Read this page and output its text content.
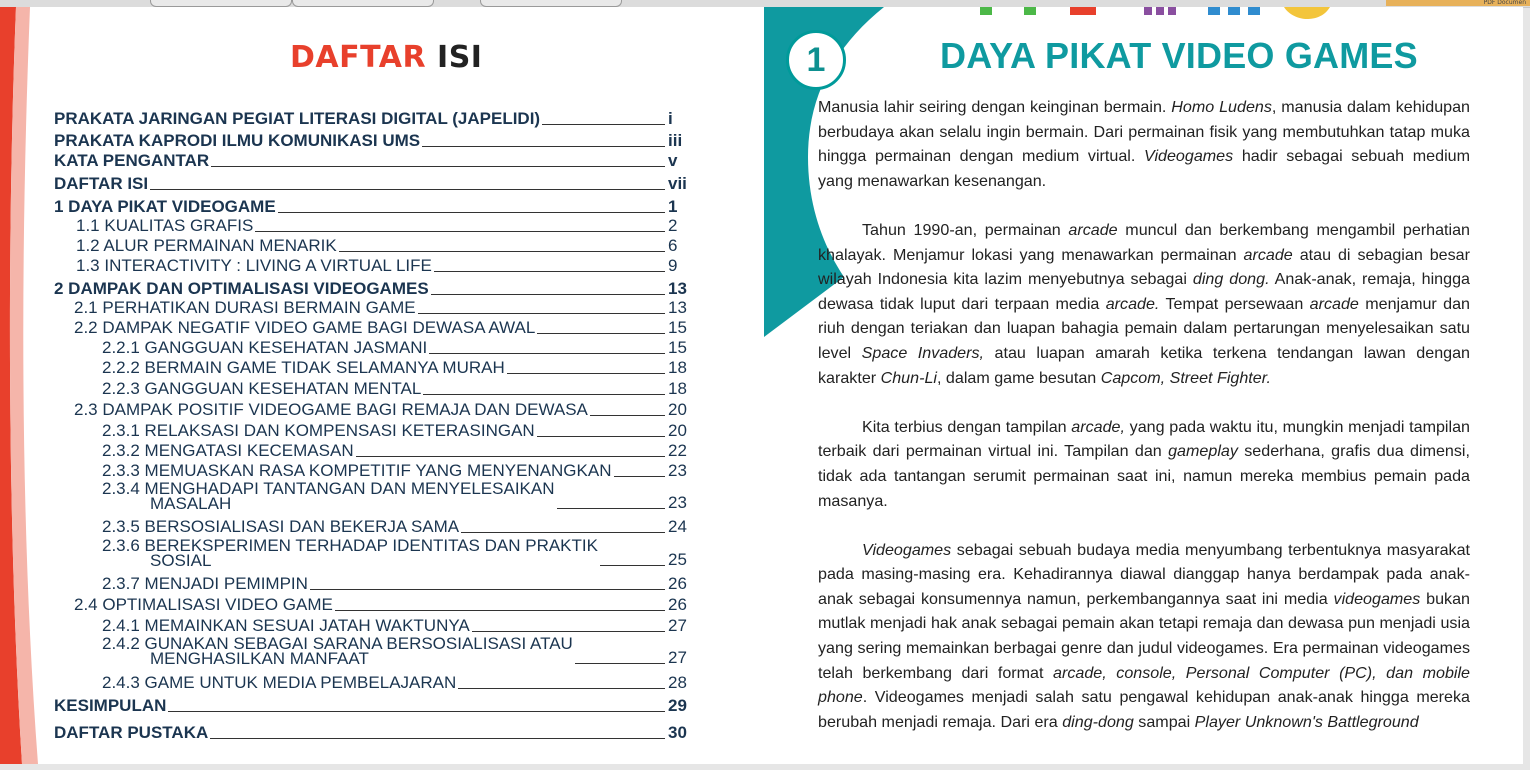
PDF Documen
DAFTAR ISI
PRAKATA JARINGAN PEGIAT LITERASI DIGITAL (JAPELIDI)	i
PRAKATA KAPRODI ILMU KOMUNIKASI UMS	iii
KATA PENGANTAR	v
DAFTAR ISI	vii
1 DAYA PIKAT VIDEOGAME	1
1.1 KUALITAS GRAFIS	2
1.2 ALUR PERMAINAN MENARIK	6
1.3 INTERACTIVITY : LIVING A VIRTUAL LIFE	9
2 DAMPAK DAN OPTIMALISASI VIDEOGAMES	13
2.1 PERHATIKAN DURASI BERMAIN GAME	13
2.2 DAMPAK NEGATIF VIDEO GAME BAGI DEWASA AWAL	15
2.2.1 GANGGUAN KESEHATAN JASMANI	15
2.2.2 BERMAIN GAME TIDAK SELAMANYA MURAH	18
2.2.3 GANGGUAN KESEHATAN MENTAL	18
2.3 DAMPAK POSITIF VIDEOGAME BAGI REMAJA DAN DEWASA	20
2.3.1 RELAKSASI DAN KOMPENSASI KETERASINGAN	20
2.3.2 MENGATASI KECEMASAN	22
2.3.3 MEMUASKAN RASA KOMPETITIF YANG MENYENANGKAN	23
2.3.4 MENGHADAPI TANTANGAN DAN MENYELESAIKAN
MASALAH	23
2.3.5 BERSOSIALISASI DAN BEKERJA SAMA	24
2.3.6 BEREKSPERIMEN TERHADAP IDENTITAS DAN PRAKTIK
SOSIAL	25
2.3.7 MENJADI PEMIMPIN	26
2.4 OPTIMALISASI VIDEO GAME	26
2.4.1 MEMAINKAN SESUAI JATAH WAKTUNYA	27
2.4.2 GUNAKAN SEBAGAI SARANA BERSOSIALISASI ATAU
MENGHASILKAN MANFAAT	27
2.4.3 GAME UNTUK MEDIA PEMBELAJARAN	28
KESIMPULAN	29
DAFTAR PUSTAKA	30
1	DAYA PIKAT VIDEO GAMES

Manusia lahir seiring dengan keinginan bermain. Homo Ludens, manusia dalam kehidupan berbudaya akan selalu ingin bermain. Dari permainan fisik yang membutuhkan tatap muka hingga permainan dengan medium virtual. Videogames hadir sebagai sebuah medium yang menawarkan kesenangan.

Tahun 1990-an, permainan arcade muncul dan berkembang mengambil perhatian khalayak. Menjamur lokasi yang menawarkan permainan arcade atau di sebagian besar wilayah Indonesia kita lazim menyebutnya sebagai ding dong. Anak-anak, remaja, hingga dewasa tidak luput dari terpaan media arcade. Tempat persewaan arcade menjamur dan riuh dengan teriakan dan luapan bahagia pemain dalam pertarungan menyelesaikan satu level Space Invaders, atau luapan amarah ketika terkena tendangan lawan dengan karakter Chun-Li, dalam game besutan Capcom, Street Fighter.

Kita terbius dengan tampilan arcade, yang pada waktu itu, mungkin menjadi tampilan terbaik dari permainan virtual ini. Tampilan dan gameplay sederhana, grafis dua dimensi, tidak ada tantangan serumit permainan saat ini, namun mereka membius pemain pada masanya.

Videogames sebagai sebuah budaya media menyumbang terbentuknya masyarakat pada masing-masing era. Kehadirannya diawal dianggap hanya berdampak pada anak-anak sebagai konsumennya namun, perkembangannya saat ini media videogames bukan mutlak menjadi hak anak sebagai pemain akan tetapi remaja dan dewasa pun menjadi usia yang sering memainkan berbagai genre dan judul videogames. Era permainan videogames telah berkembang dari format arcade, console, Personal Computer (PC), dan mobile phone. Videogames menjadi salah satu pengawal kehidupan anak-anak hingga mereka berubah menjadi remaja. Dari era ding-dong sampai Player Unknown's Battleground
